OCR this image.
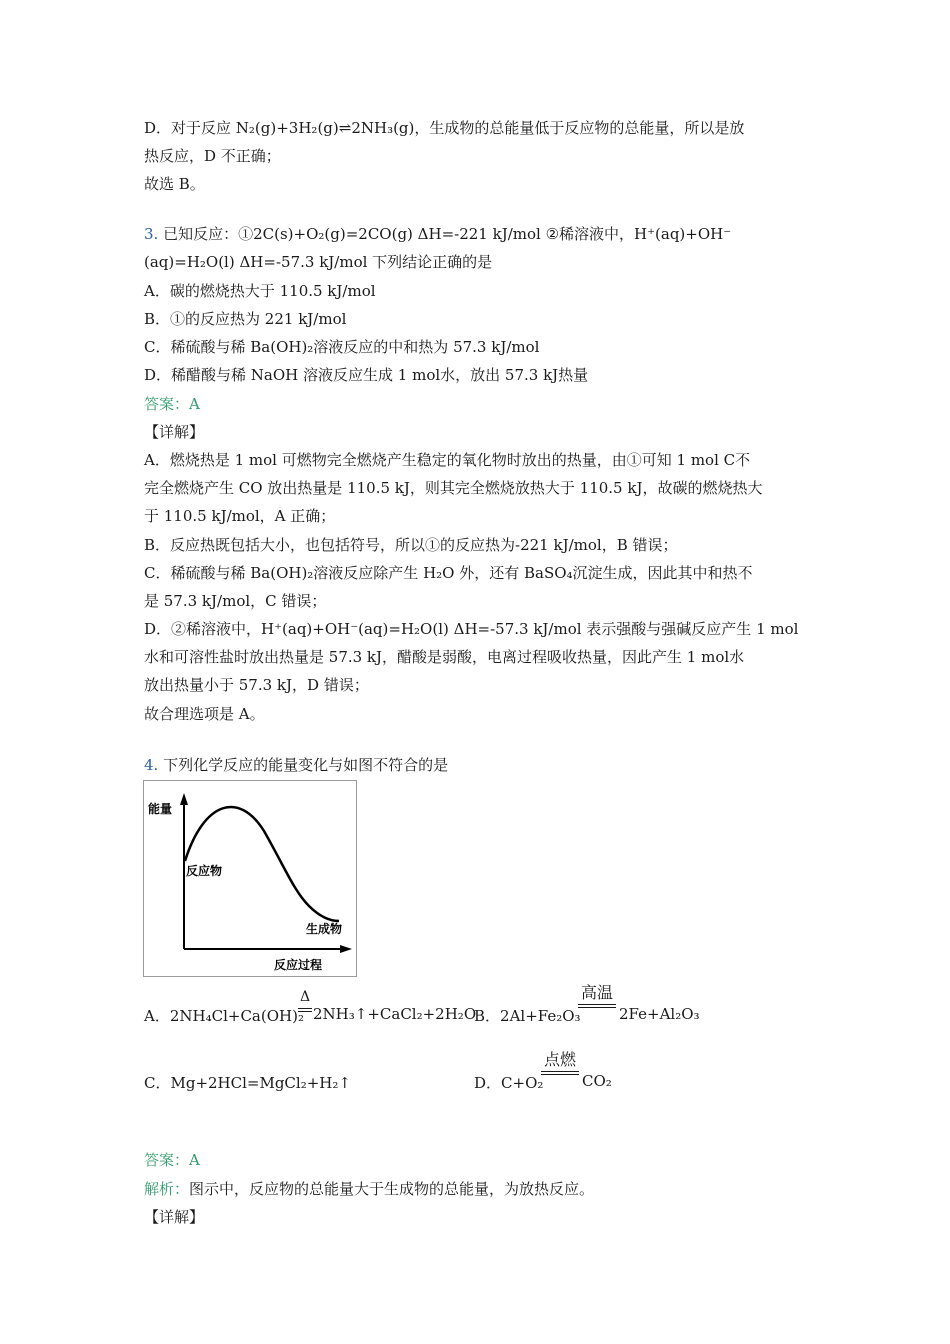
D．对于反应 N₂(g)+3H₂(g)⇌2NH₃(g)，生成物的总能量低于反应物的总能量，所以是放
热反应，D 不正确；
故选 B。
3. 已知反应：①2C(s)+O₂(g)=2CO(g) ΔH=-221 kJ/mol ②稀溶液中，H⁺(aq)+OH⁻
(aq)=H₂O(l) ΔH=-57.3 kJ/mol 下列结论正确的是
A．碳的燃烧热大于 110.5 kJ/mol
B．①的反应热为 221 kJ/mol
C．稀硫酸与稀 Ba(OH)₂溶液反应的中和热为 57.3 kJ/mol
D．稀醋酸与稀 NaOH 溶液反应生成 1 mol水，放出 57.3 kJ热量
答案：A
【详解】
A．燃烧热是 1 mol 可燃物完全燃烧产生稳定的氧化物时放出的热量，由①可知 1 mol C不
完全燃烧产生 CO 放出热量是 110.5 kJ，则其完全燃烧放热大于 110.5 kJ，故碳的燃烧热大
于 110.5 kJ/mol，A 正确；
B．反应热既包括大小，也包括符号，所以①的反应热为-221 kJ/mol，B 错误；
C．稀硫酸与稀 Ba(OH)₂溶液反应除产生 H₂O 外，还有 BaSO₄沉淀生成，因此其中和热不
是 57.3 kJ/mol，C 错误；
D．②稀溶液中，H⁺(aq)+OH⁻(aq)=H₂O(l) ΔH=-57.3 kJ/mol 表示强酸与强碱反应产生 1 mol
水和可溶性盐时放出热量是 57.3 kJ，醋酸是弱酸，电离过程吸收热量，因此产生 1 mol水
放出热量小于 57.3 kJ，D 错误；
故合理选项是 A。
4. 下列化学反应的能量变化与如图不符合的是
能量
反应物
生成物
反应过程
A．2NH₄Cl+Ca(OH)₂
Δ
2NH₃↑+CaCl₂+2H₂O
B．2Al+Fe₂O₃
高温
2Fe+Al₂O₃
C．Mg+2HCl=MgCl₂+H₂↑	D．C+O₂
点燃
CO₂
答案：A
解析：图示中，反应物的总能量大于生成物的总能量，为放热反应。
【详解】
